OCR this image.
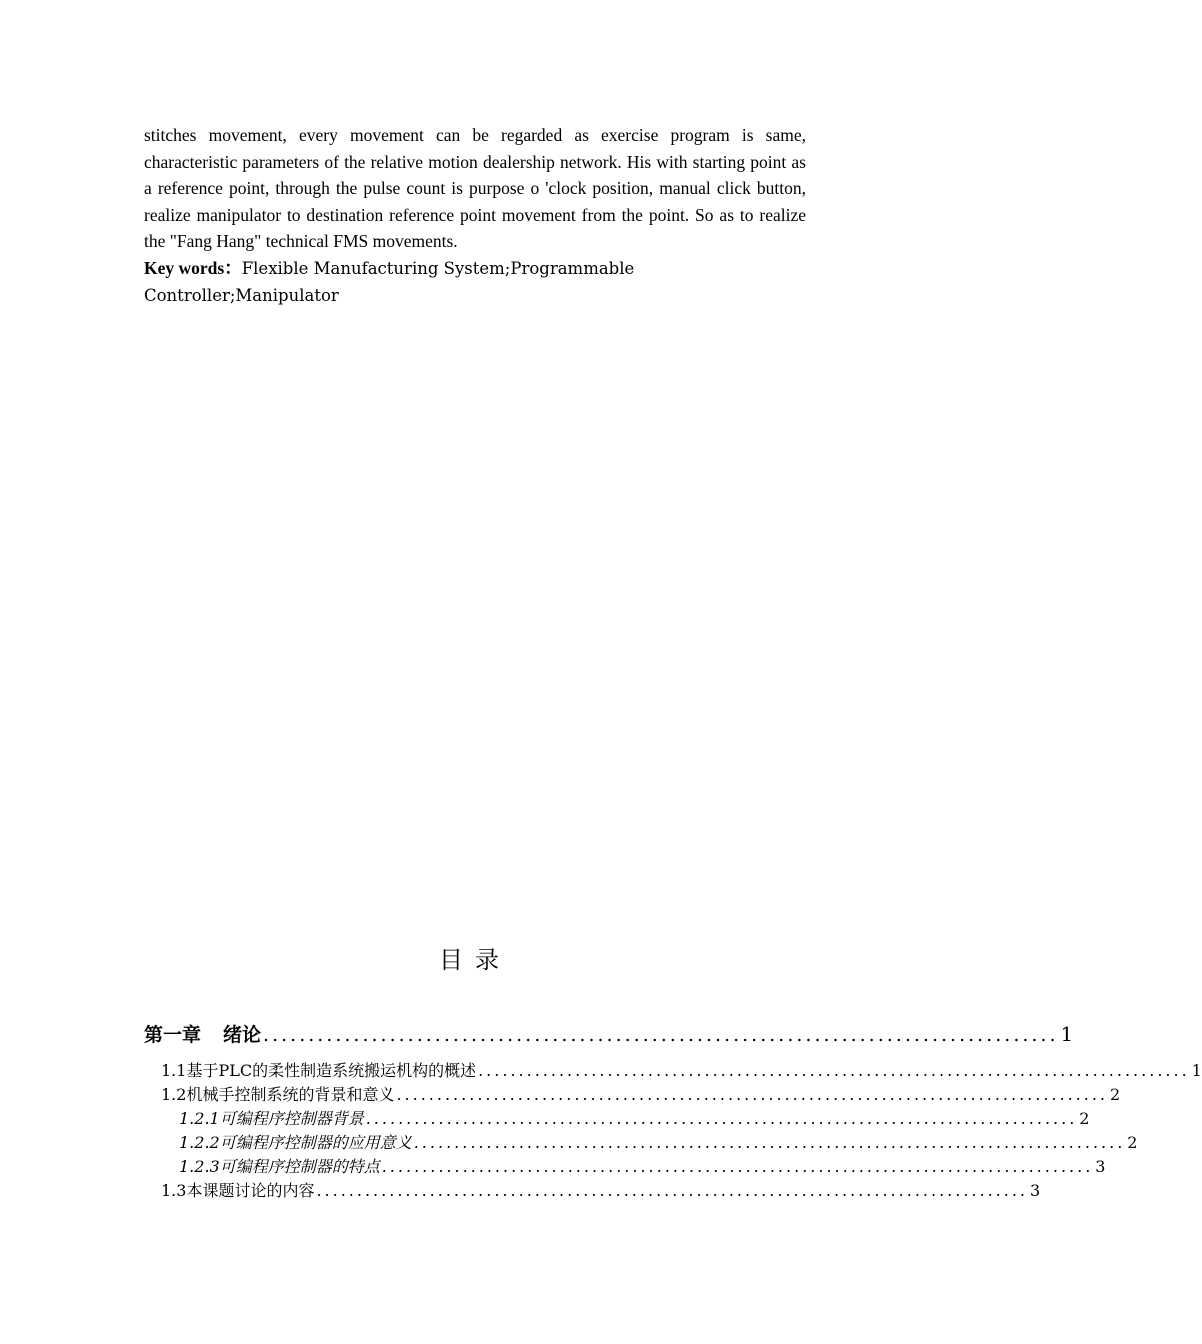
stitches movement, every movement can be regarded as exercise program is same, characteristic parameters of the relative motion dealership network. His with starting point as a reference point, through the pulse count is purpose o 'clock position, manual click button, realize manipulator to destination reference point movement from the point. So as to realize the "Fang Hang" technical FMS movements.

Key words：Flexible Manufacturing System;Programmable

Controller;Manipulator

目录
第一章 绪论 ........................................................................................ 1
1.1基于PLC的柔性制造系统搬运机构的概述 ........................................................................................ 1
1.2机械手控制系统的背景和意义 ........................................................................................ 2
1.2.1可编程序控制器背景 ........................................................................................ 2
1.2.2可编程序控制器的应用意义 ........................................................................................ 2
1.2.3可编程序控制器的特点 ........................................................................................ 3
1.3本课题讨论的内容 ........................................................................................ 3
